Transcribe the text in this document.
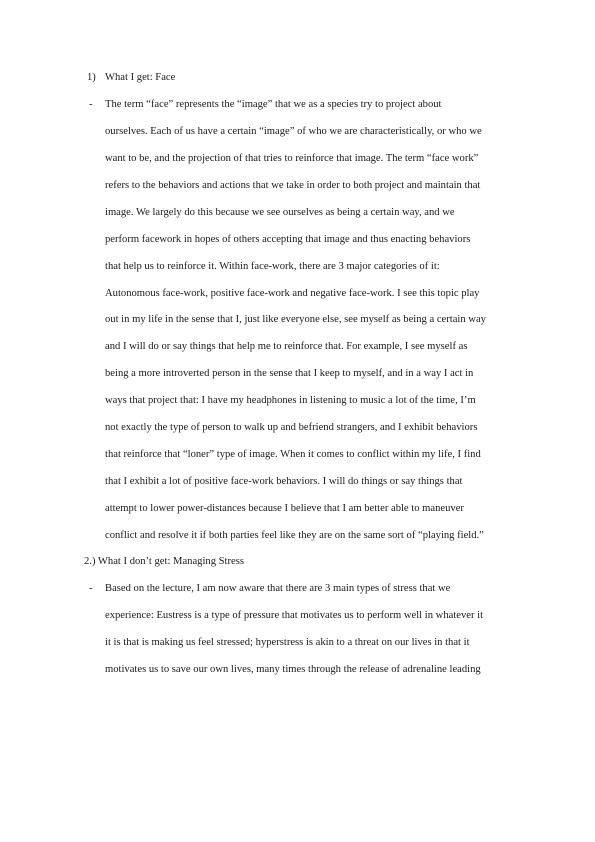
1) What I get: Face
- The term “face” represents the “image” that we as a species try to project about
ourselves. Each of us have a certain “image” of who we are characteristically, or who we
want to be, and the projection of that tries to reinforce that image. The term “face work”
refers to the behaviors and actions that we take in order to both project and maintain that
image. We largely do this because we see ourselves as being a certain way, and we
perform facework in hopes of others accepting that image and thus enacting behaviors
that help us to reinforce it. Within face-work, there are 3 major categories of it:
Autonomous face-work, positive face-work and negative face-work. I see this topic play
out in my life in the sense that I, just like everyone else, see myself as being a certain way
and I will do or say things that help me to reinforce that. For example, I see myself as
being a more introverted person in the sense that I keep to myself, and in a way I act in
ways that project that: I have my headphones in listening to music a lot of the time, I’m
not exactly the type of person to walk up and befriend strangers, and I exhibit behaviors
that reinforce that “loner” type of image. When it comes to conflict within my life, I find
that I exhibit a lot of positive face-work behaviors. I will do things or say things that
attempt to lower power-distances because I believe that I am better able to maneuver
conflict and resolve it if both parties feel like they are on the same sort of “playing field.”
2.) What I don’t get: Managing Stress
- Based on the lecture, I am now aware that there are 3 main types of stress that we
experience: Eustress is a type of pressure that motivates us to perform well in whatever it
it is that is making us feel stressed; hyperstress is akin to a threat on our lives in that it
motivates us to save our own lives, many times through the release of adrenaline leading
